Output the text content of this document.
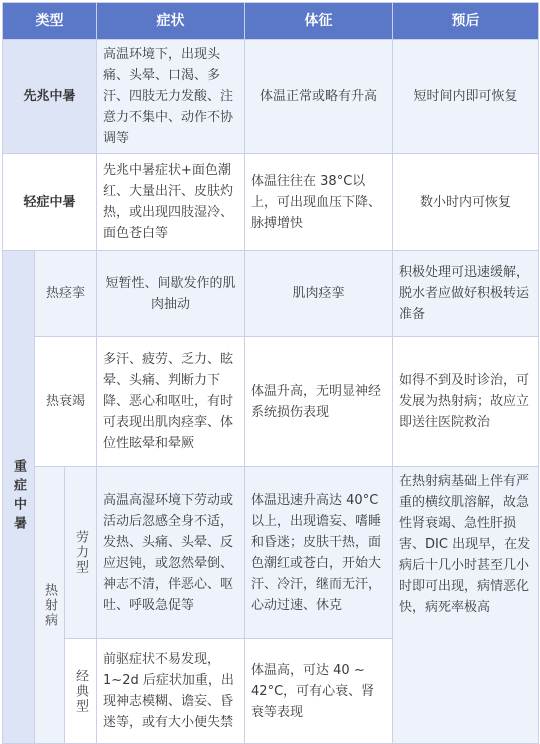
类型			症状	体征	预后
先兆中暑			高温环境下，出现头痛、头晕、口渴、多汗、四肢无力发酸、注意力不集中、动作不协调等	体温正常或略有升高	短时间内即可恢复
轻症中暑			先兆中暑症状+面色潮红、大量出汗、皮肤灼热，或出现四肢湿冷、面色苍白等	体温往往在 38°C以上，可出现血压下降、脉搏增快	数小时内可恢复
重症中暑	热痉挛		短暂性、间歇发作的肌肉抽动	肌肉痉挛	积极处理可迅速缓解，脱水者应做好积极转运准备
	热衰竭		多汗、疲劳、乏力、眩晕、头痛、判断力下降、恶心和呕吐，有时可表现出肌肉痉挛、体位性眩晕和晕厥	体温升高，无明显神经系统损伤表现	如得不到及时诊治，可发展为热射病；故应立即送往医院救治
	热射病	劳力型	高温高湿环境下劳动或活动后忽感全身不适，发热、头痛、头晕、反应迟钝，或忽然晕倒、神志不清，伴恶心、呕吐、呼吸急促等	体温迅速升高达 40°C 以上，出现谵妄、嗜睡和昏迷；皮肤干热，面色潮红或苍白，开始大汗、冷汗，继而无汗，心动过速、休克	在热射病基础上伴有严重的横纹肌溶解，故急性肾衰竭、急性肝损害、DIC 出现早，在发病后十几小时甚至几小时即可出现，病情恶化快，病死率极高
		经典型	前驱症状不易发现，1~2d 后症状加重，出现神志模糊、谵妄、昏迷等，或有大小便失禁	体温高，可达 40 ~ 42°C，可有心衰、肾衰等表现	
